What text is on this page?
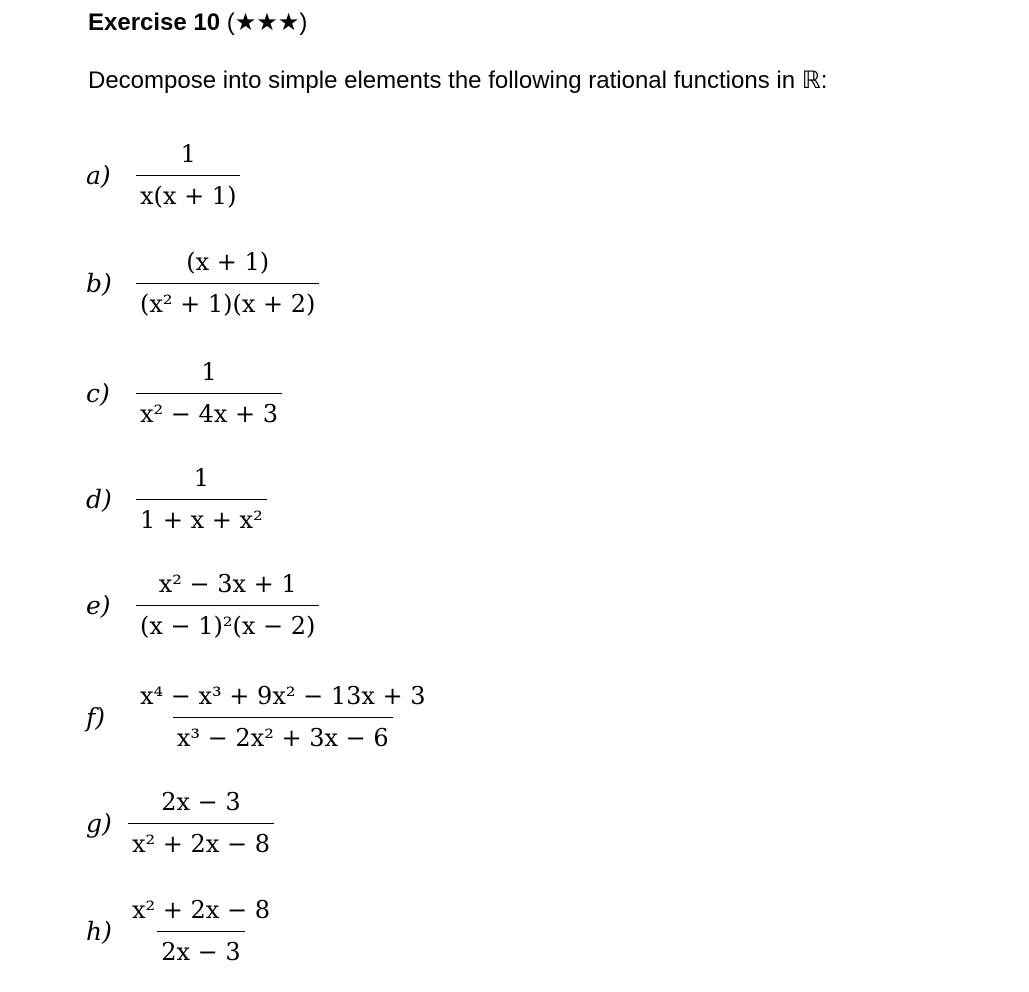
Exercise 10 (★★★)
Decompose into simple elements the following rational functions in ℝ:
a)	$\frac{1}{x(x + 1)}$
b)	$\frac{(x + 1)}{\text{(x² + 1)(x + 2)}}$
c)	$\frac{1}{\text{x² − 4x + 3}}$
d)	$\frac{1}{\text{1 + x + x²}}$
e)	$\frac{\text{x² − 3x + 1}}{\text{(x − 1)²(x − 2)}}$
f)	$\frac{\text{x⁴ − x³ + 9x² − 13x + 3}}{\text{x³ − 2x² + 3x − 6}}$
$g) \frac{2x - 3}{\text{x² + 2x − 8}}$
$h) \frac{\text{x² + 2x − 8}}{2x - 3}$
